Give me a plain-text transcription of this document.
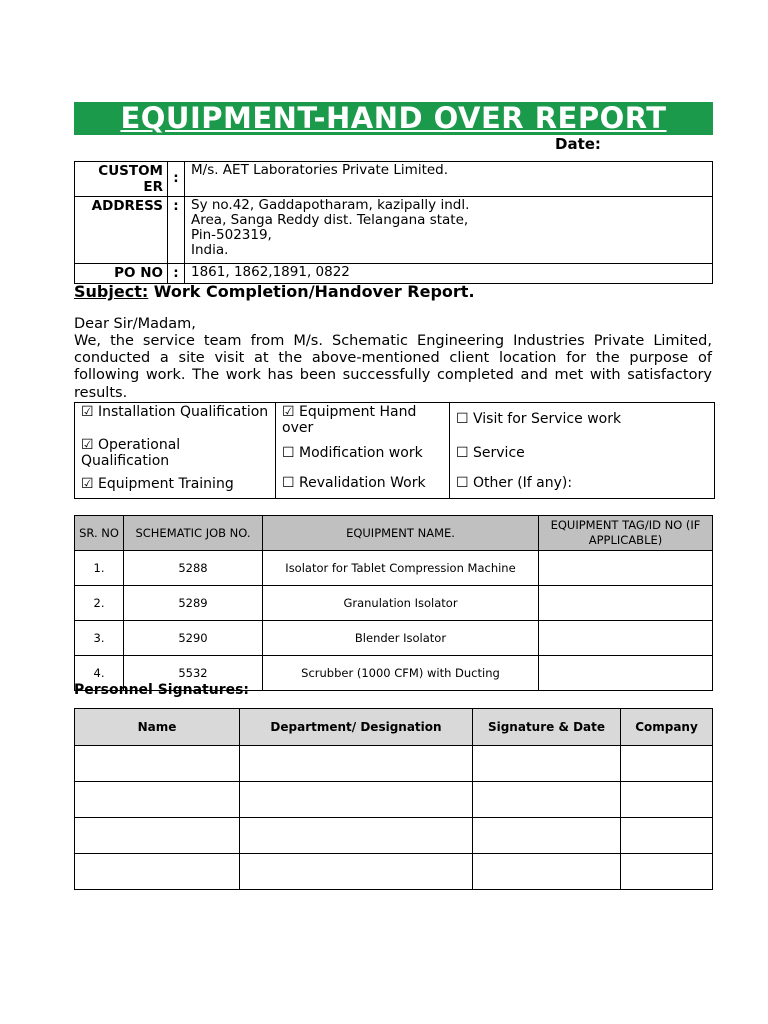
EQUIPMENT-HAND OVER REPORT
Date:
CUSTOMER	:	M/s. AET Laboratories Private Limited.
ADDRESS	:	Sy no.42, Gaddapotharam, kazipally indl.
Area, Sanga Reddy dist. Telangana state,
Pin-502319,
India.

PO NO	:	1861, 1862,1891, 0822
Subject: Work Completion/Handover Report.
Dear Sir/Madam,
We, the service team from M/s. Schematic Engineering Industries Private Limited, conducted a site visit at the above-mentioned client location for the purpose of following work. The work has been successfully completed and met with satisfactory results.
☑ Installation Qualification
☑ Operational Qualification
☑ Equipment Training
☑ Equipment Hand over
☐ Modification work
☐ Revalidation Work
☐ Visit for Service work
☐ Service
☐ Other (If any):
SR. NO	SCHEMATIC JOB NO.	EQUIPMENT NAME.	EQUIPMENT TAG/ID NO (IF APPLICABLE)
1.	5288	Isolator for Tablet Compression Machine	
2.	5289	Granulation Isolator	
3.	5290	Blender Isolator	
4.	5532	Scrubber (1000 CFM) with Ducting	
Personnel Signatures:
Name	Department/ Designation	Signature & Date	Company
